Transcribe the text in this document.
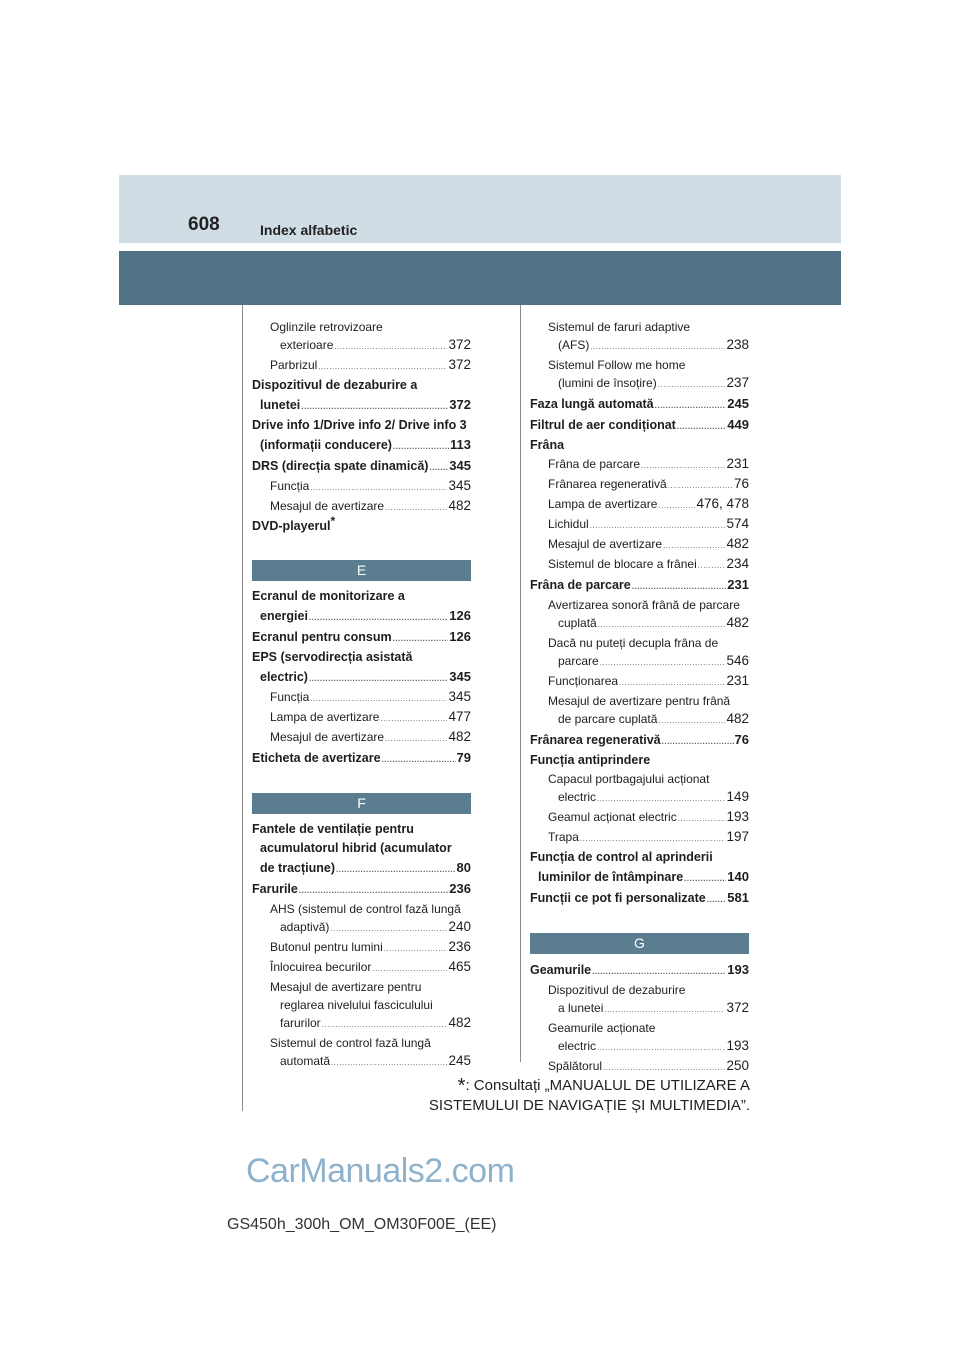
608	Index alfabetic
Oglinzile retrovizoare
exterioare .....	372
Parbrizul .....	372
Dispozitivul de dezaburire a
lunetei .....	372
Drive info 1/Drive info 2/ Drive info 3
(informații conducere) .....	113
DRS (direcția spate dinamică) ..... 345
Funcția .....	345
Mesajul de avertizare .....	482
DVD-playerul*
E
Ecranul de monitorizare a
energiei .....	126
Ecranul pentru consum .....	126
EPS (servodirecția asistată
electric) .....	345
Funcția .....	345
Lampa de avertizare .....	477
Mesajul de avertizare .....	482
Eticheta de avertizare .....	79
F
Fantele de ventilație pentru
acumulatorul hibrid (acumulator
de tracțiune) .....	80
Farurile .....	236
AHS (sistemul de control fază lungă
adaptivă) .....	240
Butonul pentru lumini .....	236
Înlocuirea becurilor .....	465
Mesajul de avertizare pentru
reglarea nivelului fasciculului
farurilor .....	482
Sistemul de control fază lungă
automată .....	245
Sistemul de faruri adaptive
(AFS) .....	238
Sistemul Follow me home
(lumini de însoțire) .....	237
Faza lungă automată .....	245
Filtrul de aer condiționat .....	449
Frâna
Frâna de parcare .....	231
Frânarea regenerativă .....	76
Lampa de avertizare .....	476, 478
Lichidul .....	574
Mesajul de avertizare .....	482
Sistemul de blocare a frânei ..... 234
Frâna de parcare .....	231
Avertizarea sonoră frână de parcare
cuplată .....	482
Dacă nu puteți decupla frâna de
parcare .....	546
Funcționarea .....	231
Mesajul de avertizare pentru frână
de parcare cuplată .....	482
Frânarea regenerativă .....	76
Funcția antiprindere
Capacul portbagajului acționat
electric .....	149
Geamul acționat electric .....	193
Trapa .....	197
Funcția de control al aprinderii
luminilor de întâmpinare .....	140
Funcții ce pot fi personalizate ..... 581
G
Geamurile .....	193
Dispozitivul de dezaburire
a lunetei .....	372
Geamurile acționate
electric .....	193
Spălătorul .....	250
*: Consultați „MANUALUL DE UTILIZARE A
SISTEMULUI DE NAVIGAȚIE ȘI MULTIMEDIA”.
CarManuals2.com
GS450h_300h_OM_OM30F00E_(EE)
